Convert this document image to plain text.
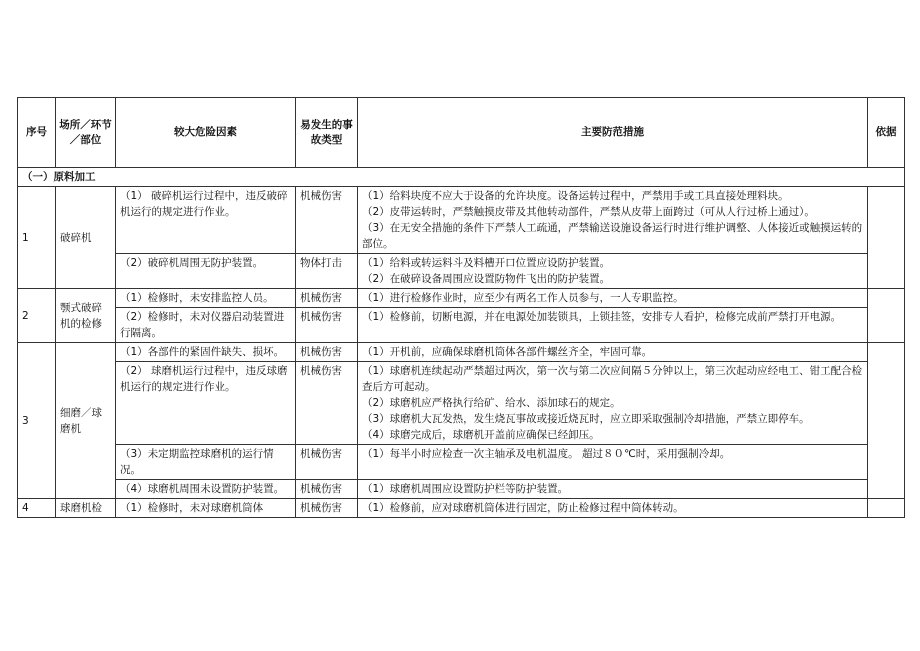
序号	场所／环节／部位	较大危险因素	易发生的事故类型	主要防范措施	依据
（一）原料加工					
1	破碎机	（1） 破碎机运行过程中，违反破碎机运行的规定进行作业。	机械伤害	（1）给料块度不应大于设备的允许块度。设备运转过程中，严禁用手或工具直接处理料块。
（2）皮带运转时，严禁触摸皮带及其他转动部件，严禁从皮带上面跨过（可从人行过桥上通过）。
（3）在无安全措施的条件下严禁人工疏通，严禁输送设施设备运行时进行维护调整、人体接近或触摸运转的部位。	

		（2）破碎机周围无防护装置。	物体打击	（1）给料或转运料斗及料槽开口位置应设防护装置。
（2）在破碎设备周围应设置防物件飞出的防护装置。	

2	颚式破碎机的检修	（1）检修时，未安排监控人员。	机械伤害	（1）进行检修作业时，应至少有两名工作人员参与，一人专职监控。	

		（2）检修时，未对仪器启动装置进行隔离。	机械伤害	（1）检修前，切断电源，并在电源处加装锁具，上锁挂签，安排专人看护，检修完成前严禁打开电源。	

3	细磨／球磨机	（1）各部件的紧固件缺失、损坏。	机械伤害	（1）开机前，应确保球磨机筒体各部件螺丝齐全，牢固可靠。	

		（2） 球磨机运行过程中，违反球磨机运行的规定进行作业。	机械伤害	（1）球磨机连续起动严禁超过两次，第一次与第二次应间隔５分钟以上，第三次起动应经电工、钳工配合检查后方可起动。
（2）球磨机应严格执行给矿、给水、添加球石的规定。
（3）球磨机大瓦发热，发生烧瓦事故或接近烧瓦时，应立即采取强制冷却措施，严禁立即停车。
（4）球磨完成后，球磨机开盖前应确保已经卸压。	

		（3）未定期监控球磨机的运行情况。	机械伤害	（1）每半小时应检查一次主轴承及电机温度。 超过８０℃时，采用强制冷却。	

		（4）球磨机周围未设置防护装置。	机械伤害	（1）球磨机周围应设置防护栏等防护装置。	

4	球磨机检	（1）检修时，未对球磨机筒体	机械伤害	（1）检修前，应对球磨机筒体进行固定，防止检修过程中筒体转动。	
